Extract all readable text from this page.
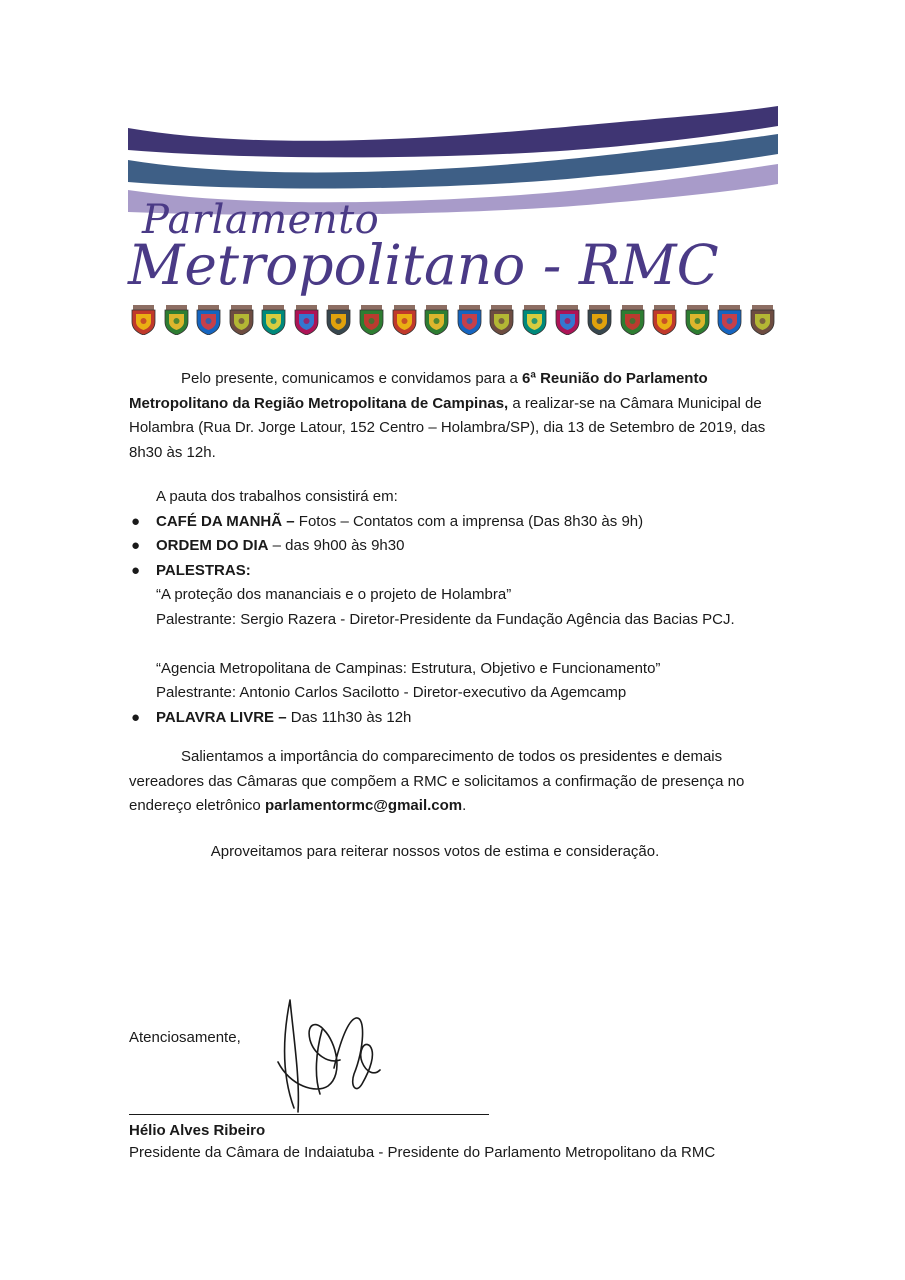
Parlamento
Metropolitano - RMC
Pelo presente, comunicamos e convidamos para a 6ª Reunião do Parlamento Metropolitano da Região Metropolitana de Campinas, a realizar-se na Câmara Municipal de Holambra (Rua Dr. Jorge Latour, 152 Centro – Holambra/SP), dia 13 de Setembro de 2019, das 8h30 às 12h.
A pauta dos trabalhos consistirá em:
● CAFÉ DA MANHÃ – Fotos – Contatos com a imprensa (Das 8h30 às 9h)
● ORDEM DO DIA – das 9h00 às 9h30
● PALESTRAS:
“A proteção dos mananciais e o projeto de Holambra”
Palestrante: Sergio Razera - Diretor-Presidente da Fundação Agência das Bacias PCJ.
“Agencia Metropolitana de Campinas: Estrutura, Objetivo e Funcionamento”
Palestrante: Antonio Carlos Sacilotto - Diretor-executivo da Agemcamp
● PALAVRA LIVRE – Das 11h30 às 12h
Salientamos a importância do comparecimento de todos os presidentes e demais vereadores das Câmaras que compõem a RMC e solicitamos a confirmação de presença no endereço eletrônico parlamentormc@gmail.com.
Aproveitamos para reiterar nossos votos de estima e consideração.
Atenciosamente,
Hélio Alves Ribeiro
Presidente da Câmara de Indaiatuba - Presidente do Parlamento Metropolitano da RMC
